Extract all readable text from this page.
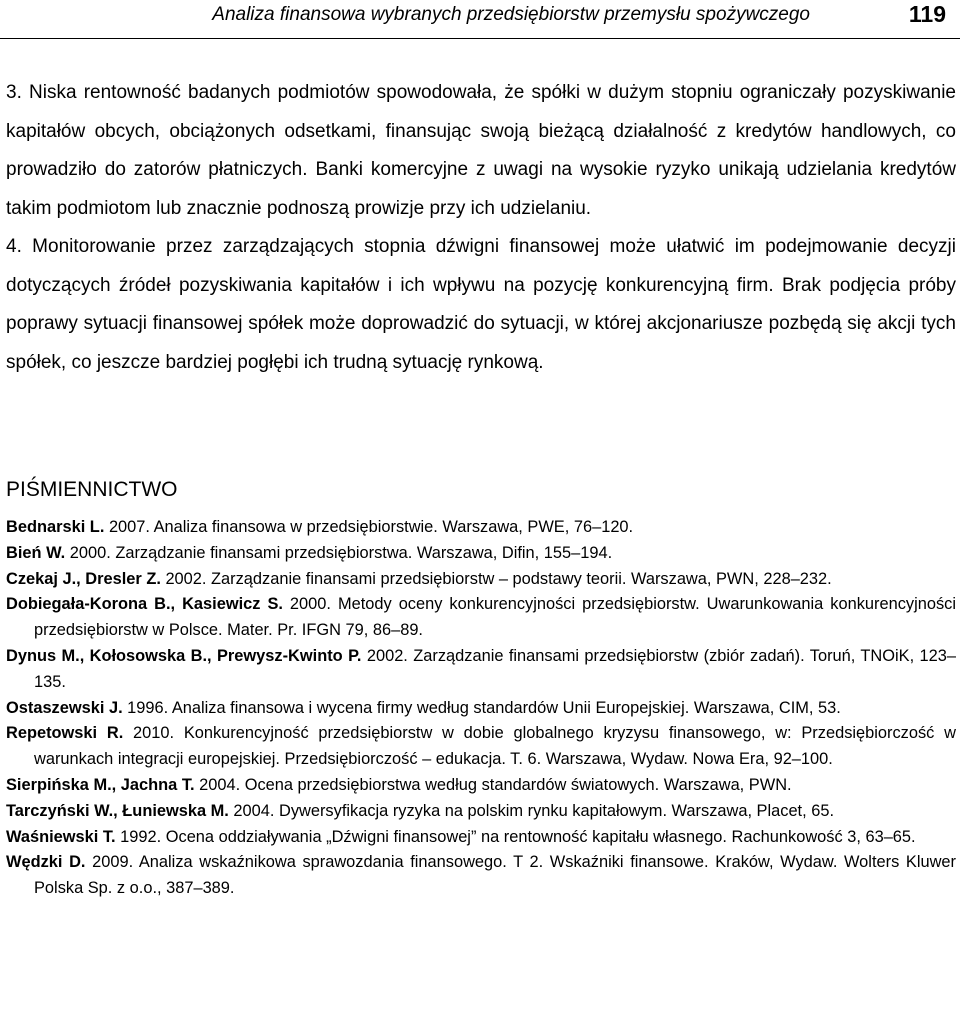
Analiza finansowa wybranych przedsiębiorstw przemysłu spożywczego	119

3. Niska rentowność badanych podmiotów spowodowała, że spółki w dużym stopniu ograniczały pozyskiwanie kapitałów obcych, obciążonych odsetkami, finansując swoją bieżącą działalność z kredytów handlowych, co prowadziło do zatorów płatniczych. Banki komercyjne z uwagi na wysokie ryzyko unikają udzielania kredytów takim podmiotom lub znacznie podnoszą prowizje przy ich udzielaniu.

4. Monitorowanie przez zarządzających stopnia dźwigni finansowej może ułatwić im podejmowanie decyzji dotyczących źródeł pozyskiwania kapitałów i ich wpływu na pozycję konkurencyjną firm. Brak podjęcia próby poprawy sytuacji finansowej spółek może doprowadzić do sytuacji, w której akcjonariusze pozbędą się akcji tych spółek, co jeszcze bardziej pogłębi ich trudną sytuację rynkową.

PIŚMIENNICTWO

Bednarski L. 2007. Analiza finansowa w przedsiębiorstwie. Warszawa, PWE, 76–120.

Bień W. 2000. Zarządzanie finansami przedsiębiorstwa. Warszawa, Difin, 155–194.

Czekaj J., Dresler Z. 2002. Zarządzanie finansami przedsiębiorstw – podstawy teorii. Warszawa, PWN, 228–232.

Dobiegała-Korona B., Kasiewicz S. 2000. Metody oceny konkurencyjności przedsiębiorstw. Uwarunkowania konkurencyjności przedsiębiorstw w Polsce. Mater. Pr. IFGN 79, 86–89.

Dynus M., Kołosowska B., Prewysz-Kwinto P. 2002. Zarządzanie finansami przedsiębiorstw (zbiór zadań). Toruń, TNOiK, 123–135.

Ostaszewski J. 1996. Analiza finansowa i wycena firmy według standardów Unii Europejskiej. Warszawa, CIM, 53.

Repetowski R. 2010. Konkurencyjność przedsiębiorstw w dobie globalnego kryzysu finansowego, w: Przedsiębiorczość w warunkach integracji europejskiej. Przedsiębiorczość – edukacja. T. 6. Warszawa, Wydaw. Nowa Era, 92–100.

Sierpińska M., Jachna T. 2004. Ocena przedsiębiorstwa według standardów światowych. Warszawa, PWN.

Tarczyński W., Łuniewska M. 2004. Dywersyfikacja ryzyka na polskim rynku kapitałowym. Warszawa, Placet, 65.

Waśniewski T. 1992. Ocena oddziaływania „Dźwigni finansowej” na rentowność kapitału własnego. Rachunkowość 3, 63–65.

Wędzki D. 2009. Analiza wskaźnikowa sprawozdania finansowego. T 2. Wskaźniki finansowe. Kraków, Wydaw. Wolters Kluwer Polska Sp. z o.o., 387–389.
